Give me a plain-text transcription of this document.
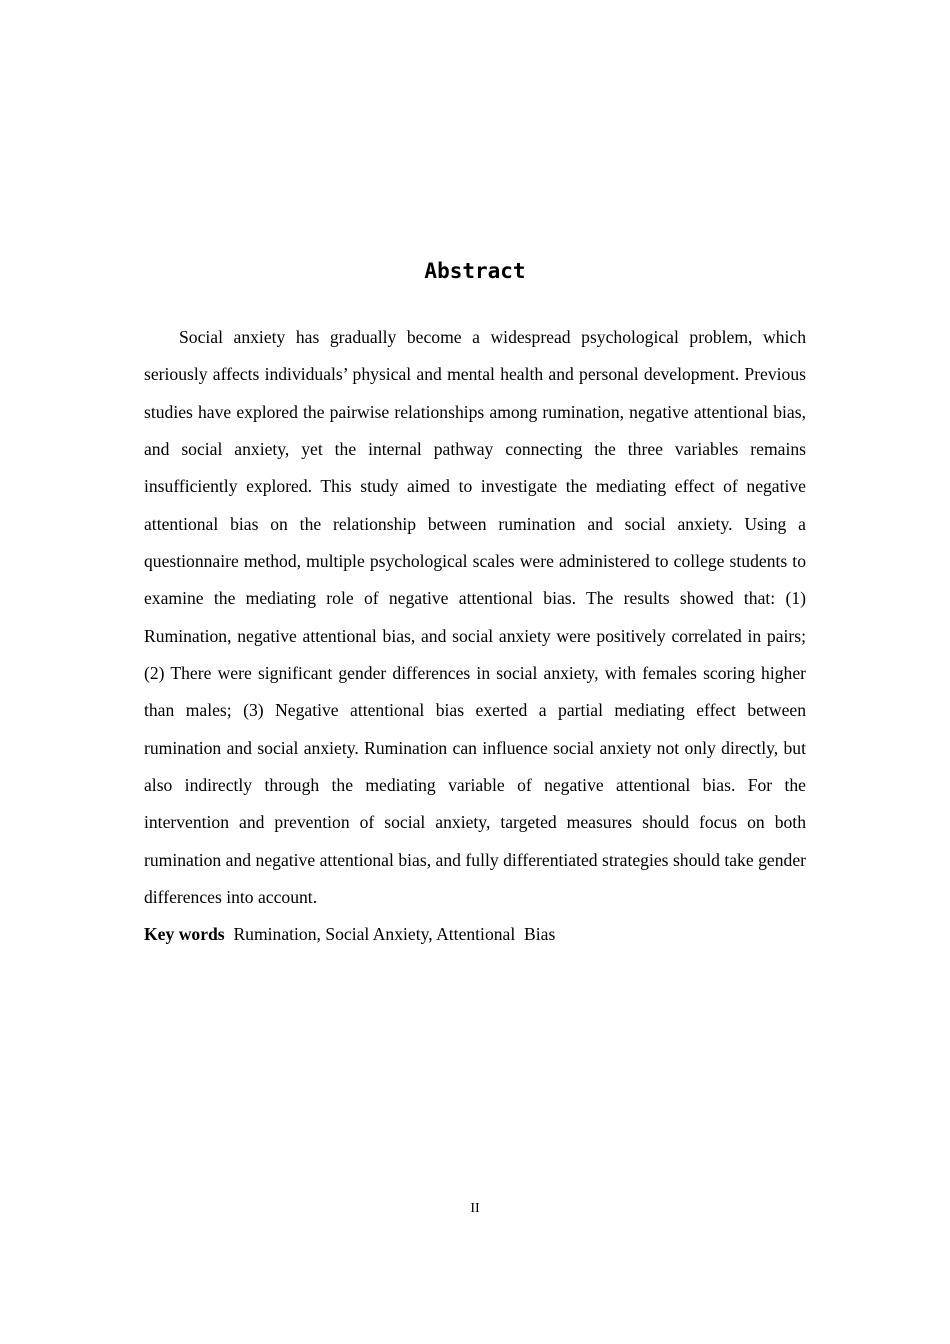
Abstract

Social anxiety has gradually become a widespread psychological problem, which seriously affects individuals’ physical and mental health and personal development. Previous studies have explored the pairwise relationships among rumination, negative attentional bias, and social anxiety, yet the internal pathway connecting the three variables remains insufficiently explored. This study aimed to investigate the mediating effect of negative attentional bias on the relationship between rumination and social anxiety. Using a questionnaire method, multiple psychological scales were administered to college students to examine the mediating role of negative attentional bias. The results showed that: (1) Rumination, negative attentional bias, and social anxiety were positively correlated in pairs; (2) There were significant gender differences in social anxiety, with females scoring higher than males; (3) Negative attentional bias exerted a partial mediating effect between rumination and social anxiety. Rumination can influence social anxiety not only directly, but also indirectly through the mediating variable of negative attentional bias. For the intervention and prevention of social anxiety, targeted measures should focus on both rumination and negative attentional bias, and fully differentiated strategies should take gender differences into account.

Key words Rumination, Social Anxiety, Attentional  Bias
II
